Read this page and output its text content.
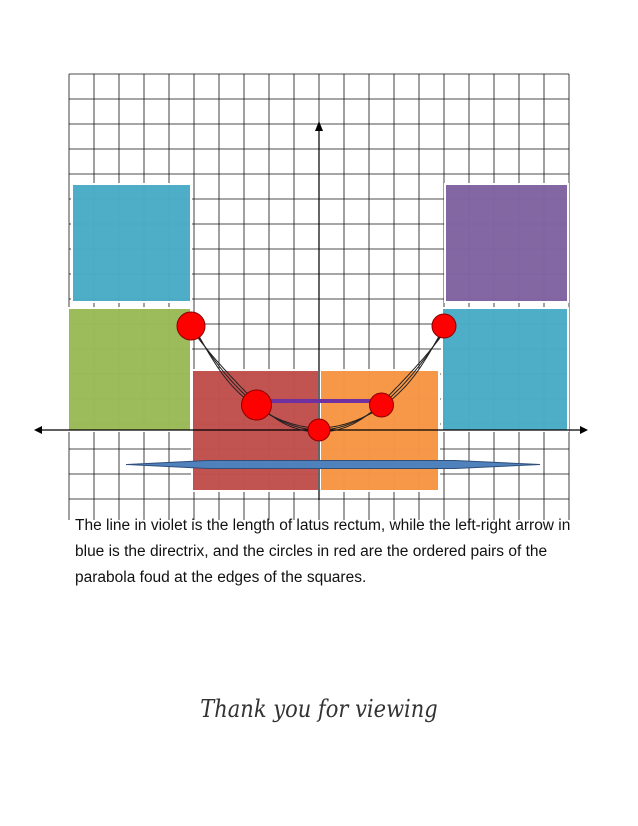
The line in violet is the length of latus rectum, while the left-right arrow in blue is the directrix, and the circles in red are the ordered pairs of the parabola foud at the edges of the squares.

Thank you for viewing
